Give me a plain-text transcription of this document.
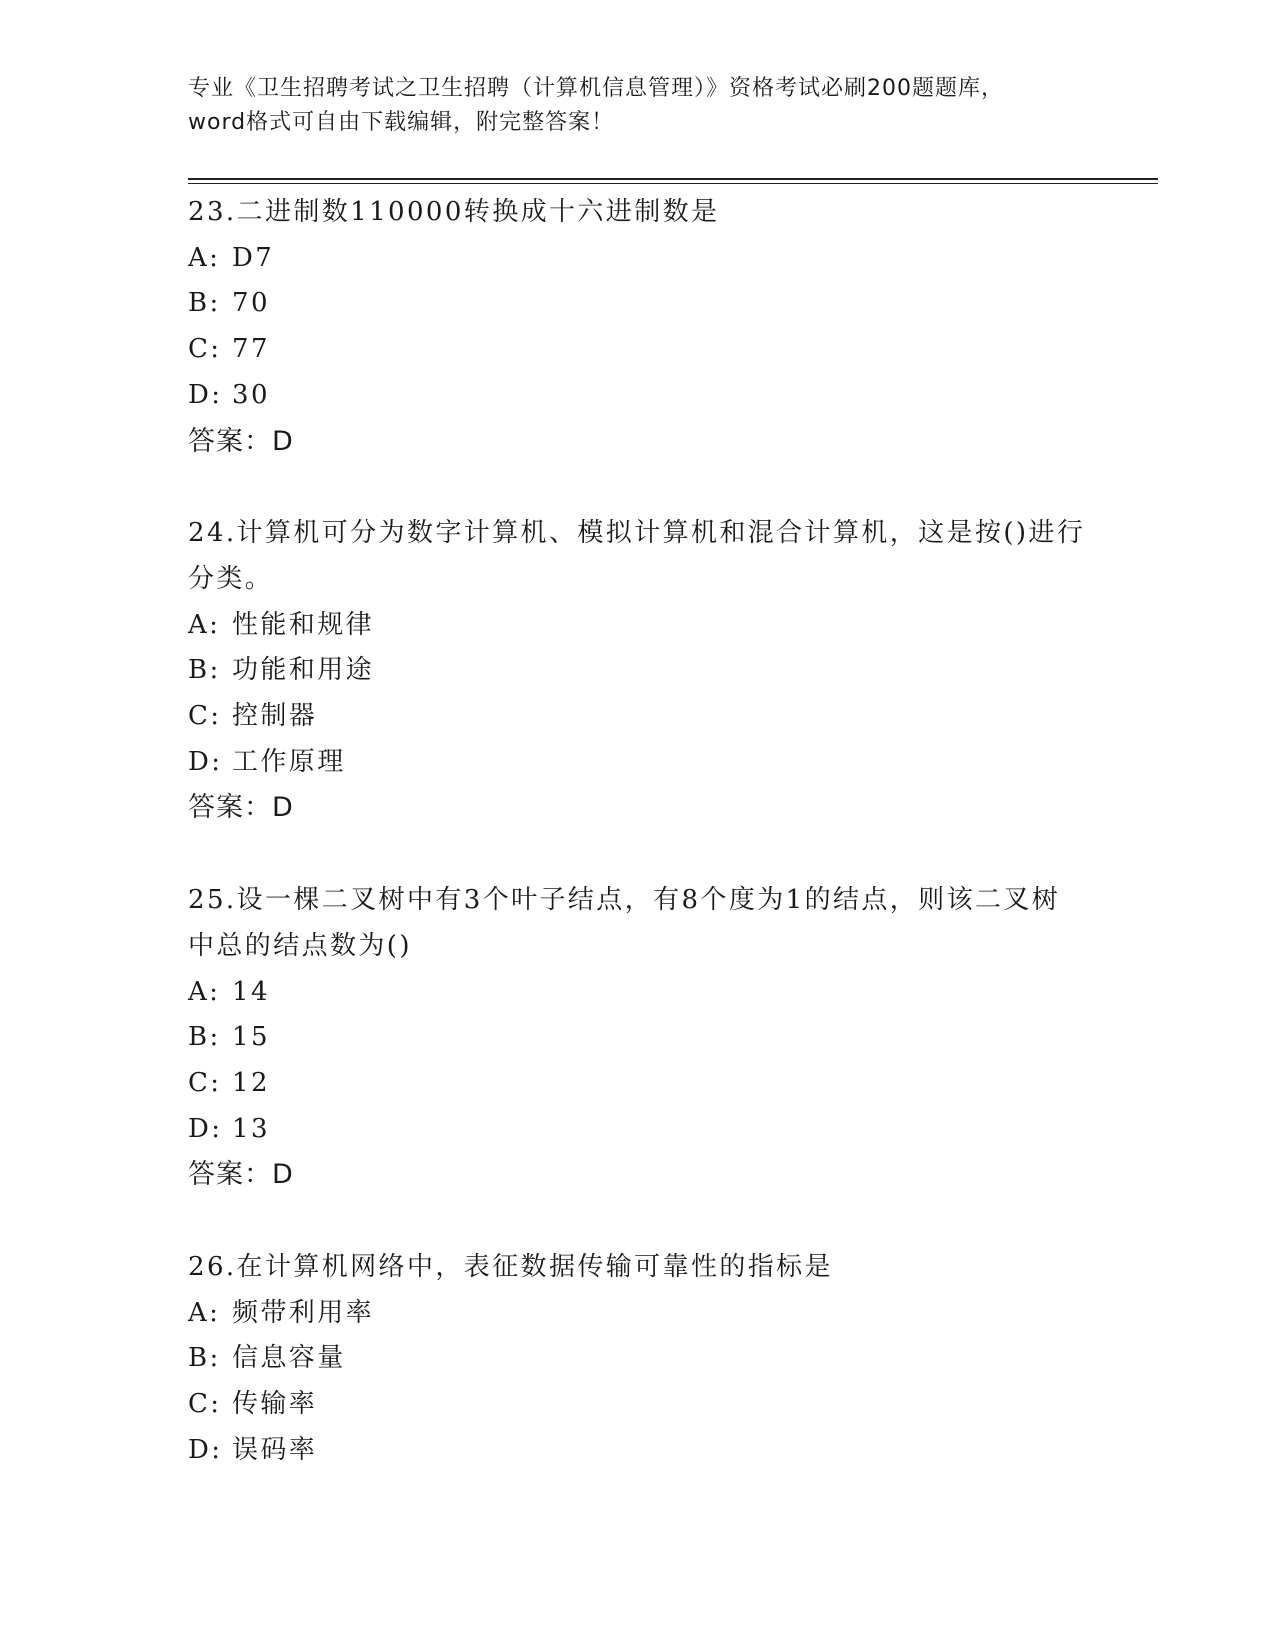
专业《卫生招聘考试之卫生招聘（计算机信息管理）》资格考试必刷200题题库，
word格式可自由下载编辑，附完整答案！
23.二进制数110000转换成十六进制数是
A: D7
B: 70
C: 77
D: 30
答案：D
24.计算机可分为数字计算机、模拟计算机和混合计算机，这是按()进行分类。
A: 性能和规律
B: 功能和用途
C: 控制器
D: 工作原理
答案：D
25.设一棵二叉树中有3个叶子结点，有8个度为1的结点，则该二叉树中总的结点数为()
A: 14
B: 15
C: 12
D: 13
答案：D
26.在计算机网络中，表征数据传输可靠性的指标是
A: 频带利用率
B: 信息容量
C: 传输率
D: 误码率
